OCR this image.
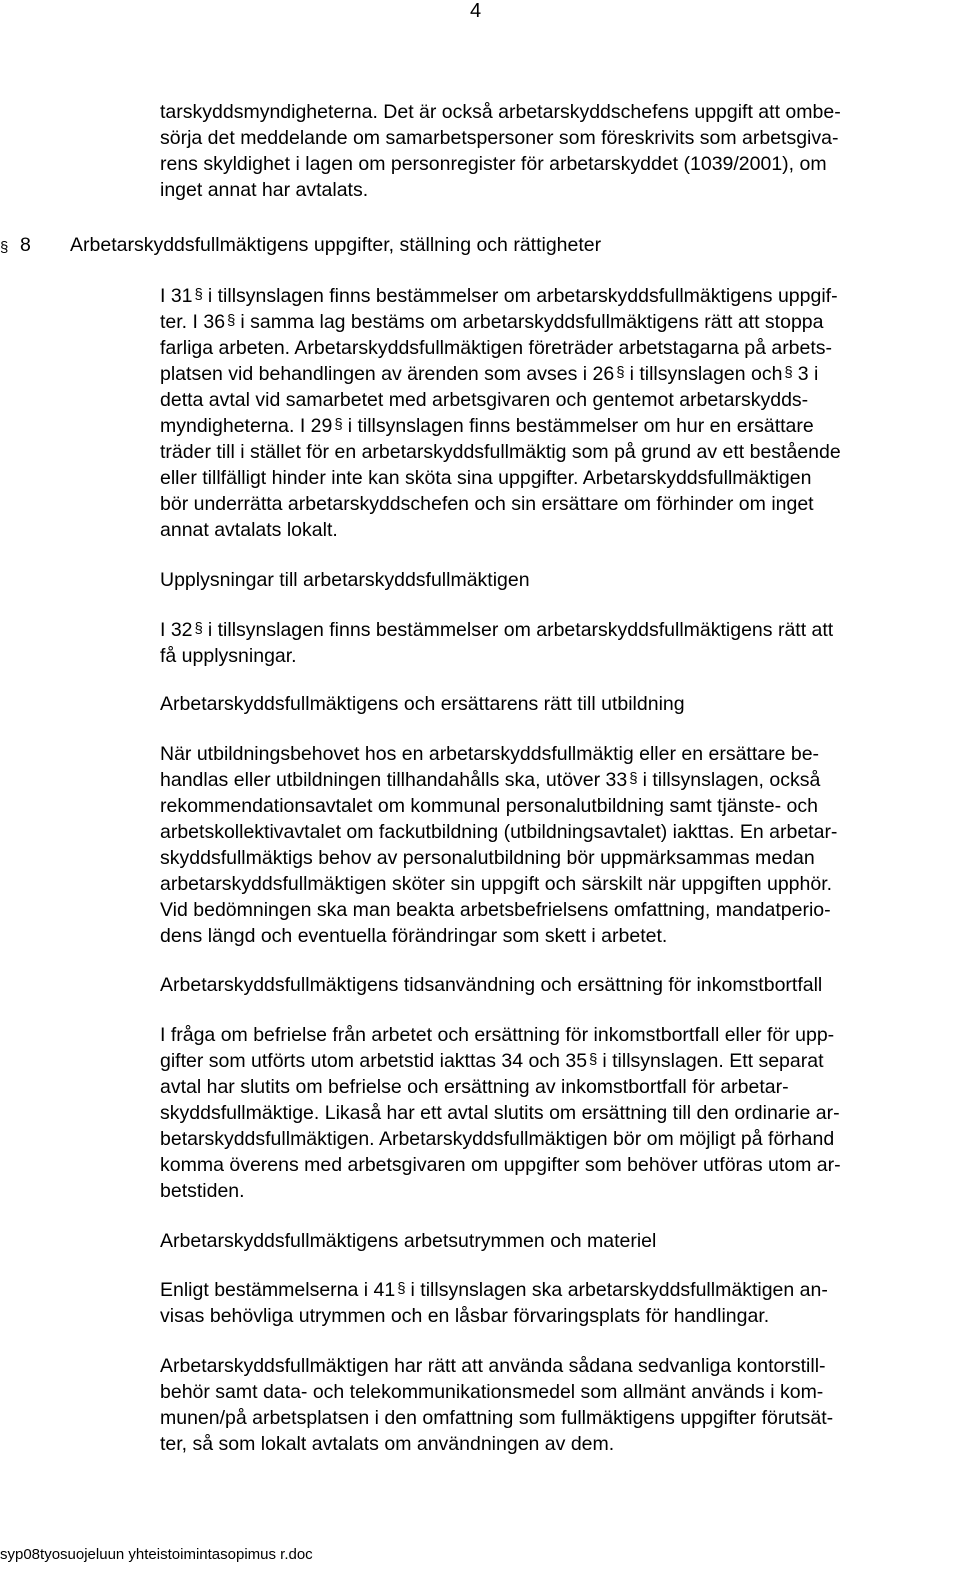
4
tarskyddsmyndigheterna. Det är också arbetarskyddschefens uppgift att ombe-
sörja det meddelande om samarbetspersoner som föreskrivits som arbetsgiva-
rens skyldighet i lagen om personregister för arbetarskyddet (1039/2001), om
inget annat har avtalats.
§ 8 Arbetarskyddsfullmäktigens uppgifter, ställning och rättigheter
I 31 § i tillsynslagen finns bestämmelser om arbetarskyddsfullmäktigens uppgif-
ter. I 36 § i samma lag bestäms om arbetarskyddsfullmäktigens rätt att stoppa
farliga arbeten. Arbetarskyddsfullmäktigen företräder arbetstagarna på arbets-
platsen vid behandlingen av ärenden som avses i 26 § i tillsynslagen och § 3 i
detta avtal vid samarbetet med arbetsgivaren och gentemot arbetarskydds-
myndigheterna. I 29 § i tillsynslagen finns bestämmelser om hur en ersättare
träder till i stället för en arbetarskyddsfullmäktig som på grund av ett bestående
eller tillfälligt hinder inte kan sköta sina uppgifter. Arbetarskyddsfullmäktigen
bör underrätta arbetarskyddschefen och sin ersättare om förhinder om inget
annat avtalats lokalt.
Upplysningar till arbetarskyddsfullmäktigen
I 32 § i tillsynslagen finns bestämmelser om arbetarskyddsfullmäktigens rätt att
få upplysningar.
Arbetarskyddsfullmäktigens och ersättarens rätt till utbildning
När utbildningsbehovet hos en arbetarskyddsfullmäktig eller en ersättare be-
handlas eller utbildningen tillhandahålls ska, utöver 33 § i tillsynslagen, också
rekommendationsavtalet om kommunal personalutbildning samt tjänste- och
arbetskollektivavtalet om fackutbildning (utbildningsavtalet) iakttas. En arbetar-
skyddsfullmäktigs behov av personalutbildning bör uppmärksammas medan
arbetarskyddsfullmäktigen sköter sin uppgift och särskilt när uppgiften upphör.
Vid bedömningen ska man beakta arbetsbefrielsens omfattning, mandatperio-
dens längd och eventuella förändringar som skett i arbetet.
Arbetarskyddsfullmäktigens tidsanvändning och ersättning för inkomstbortfall
I fråga om befrielse från arbetet och ersättning för inkomstbortfall eller för upp-
gifter som utförts utom arbetstid iakttas 34 och 35 § i tillsynslagen. Ett separat
avtal har slutits om befrielse och ersättning av inkomstbortfall för arbetar-
skyddsfullmäktige. Likaså har ett avtal slutits om ersättning till den ordinarie ar-
betarskyddsfullmäktigen. Arbetarskyddsfullmäktigen bör om möjligt på förhand
komma överens med arbetsgivaren om uppgifter som behöver utföras utom ar-
betstiden.
Arbetarskyddsfullmäktigens arbetsutrymmen och materiel
Enligt bestämmelserna i 41 § i tillsynslagen ska arbetarskyddsfullmäktigen an-
visas behövliga utrymmen och en låsbar förvaringsplats för handlingar.
Arbetarskyddsfullmäktigen har rätt att använda sådana sedvanliga kontorstill-
behör samt data- och telekommunikationsmedel som allmänt används i kom-
munen/på arbetsplatsen i den omfattning som fullmäktigens uppgifter förutsät-
ter, så som lokalt avtalats om användningen av dem.
syp08tyosuojeluun yhteistoimintasopimus r.doc
